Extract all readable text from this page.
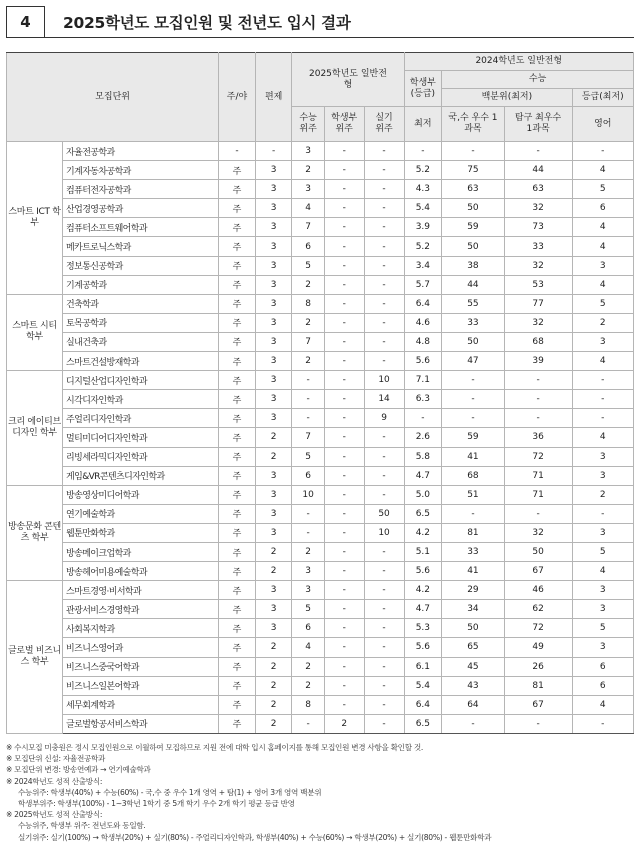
4	2025학년도 모집인원 및 전년도 입시 결과
모집단위		주/야	편제	2025학년도 일반전형			2024학년도 일반전형			
							학생부 (등급)	수능		
								백분위(최저)		등급(최저)
				수능 위주	학생부 위주	실기 위주	최저	국,수 우수 1과목	탐구 최우수 1과목	영어
스마트 ICT 학부	자율전공학과	-	-	3	-	-	-	-	-	-
	기계자동차공학과	주	3	2	-	-	5.2	75	44	4
	컴퓨터전자공학과	주	3	3	-	-	4.3	63	63	5
	산업경영공학과	주	3	4	-	-	5.4	50	32	6
	컴퓨터소프트웨어학과	주	3	7	-	-	3.9	59	73	4
	메카트로닉스학과	주	3	6	-	-	5.2	50	33	4
	정보통신공학과	주	3	5	-	-	3.4	38	32	3
	기계공학과	주	3	2	-	-	5.7	44	53	4
스마트 시티 학부	건축학과	주	3	8	-	-	6.4	55	77	5
	토목공학과	주	3	2	-	-	4.6	33	32	2
	실내건축과	주	3	7	-	-	4.8	50	68	3
	스마트건설방재학과	주	3	2	-	-	5.6	47	39	4
크리 에이티브 디자인 학부	디지털산업디자인학과	주	3	-	-	10	7.1	-	-	-
	시각디자인학과	주	3	-	-	14	6.3	-	-	-
	주얼리디자인학과	주	3	-	-	9	-	-	-	-
	멀티미디어디자인학과	주	2	7	-	-	2.6	59	36	4
	리빙세라믹디자인학과	주	2	5	-	-	5.8	41	72	3
	게임&VR콘텐츠디자인학과	주	3	6	-	-	4.7	68	71	3
방송문화 콘텐츠 학부	방송영상미디어학과	주	3	10	-	-	5.0	51	71	2
	연기예술학과	주	3	-	-	50	6.5	-	-	-
	웹툰만화학과	주	3	-	-	10	4.2	81	32	3
	방송메이크업학과	주	2	2	-	-	5.1	33	50	5
	방송헤어미용예술학과	주	2	3	-	-	5.6	41	67	4
글로벌 비즈니스 학부	스마트경영·비서학과	주	3	3	-	-	4.2	29	46	3
	관광서비스경영학과	주	3	5	-	-	4.7	34	62	3
	사회복지학과	주	3	6	-	-	5.3	50	72	5
	비즈니스영어과	주	2	4	-	-	5.6	65	49	3
	비즈니스중국어학과	주	2	2	-	-	6.1	45	26	6
	비즈니스일본어학과	주	2	2	-	-	5.4	43	81	6
	세무회계학과	주	2	8	-	-	6.4	64	67	4
	글로벌항공서비스학과	주	2	-	2	-	6.5	-	-	-
※ 수시모집 미충원은 정시 모집인원으로 이월하여 모집하므로 지원 전에 대학 입시 홈페이지를 통해 모집인원 변경 사항을 확인할 것.
※ 모집단위 신설: 자율전공학과
※ 모집단위 변경: 방송연예과 → 연기예술학과
※ 2024학년도 성적 산출방식:
수능위주: 학생부(40%) + 수능(60%) - 국,수 중 우수 1개 영역 + 탐(1) + 영어 3개 영역 백분위
학생부위주: 학생부(100%) - 1~3학년 1학기 중 5개 학기 우수 2개 학기 평균 등급 반영
※ 2025학년도 성적 산출방식:
수능위주, 학생부 위주: 전년도와 동일함.
실기위주: 실기(100%) → 학생부(20%) + 실기(80%) - 주얼리디자인학과, 학생부(40%) + 수능(60%) → 학생부(20%) + 실기(80%) - 웹툰만화학과
